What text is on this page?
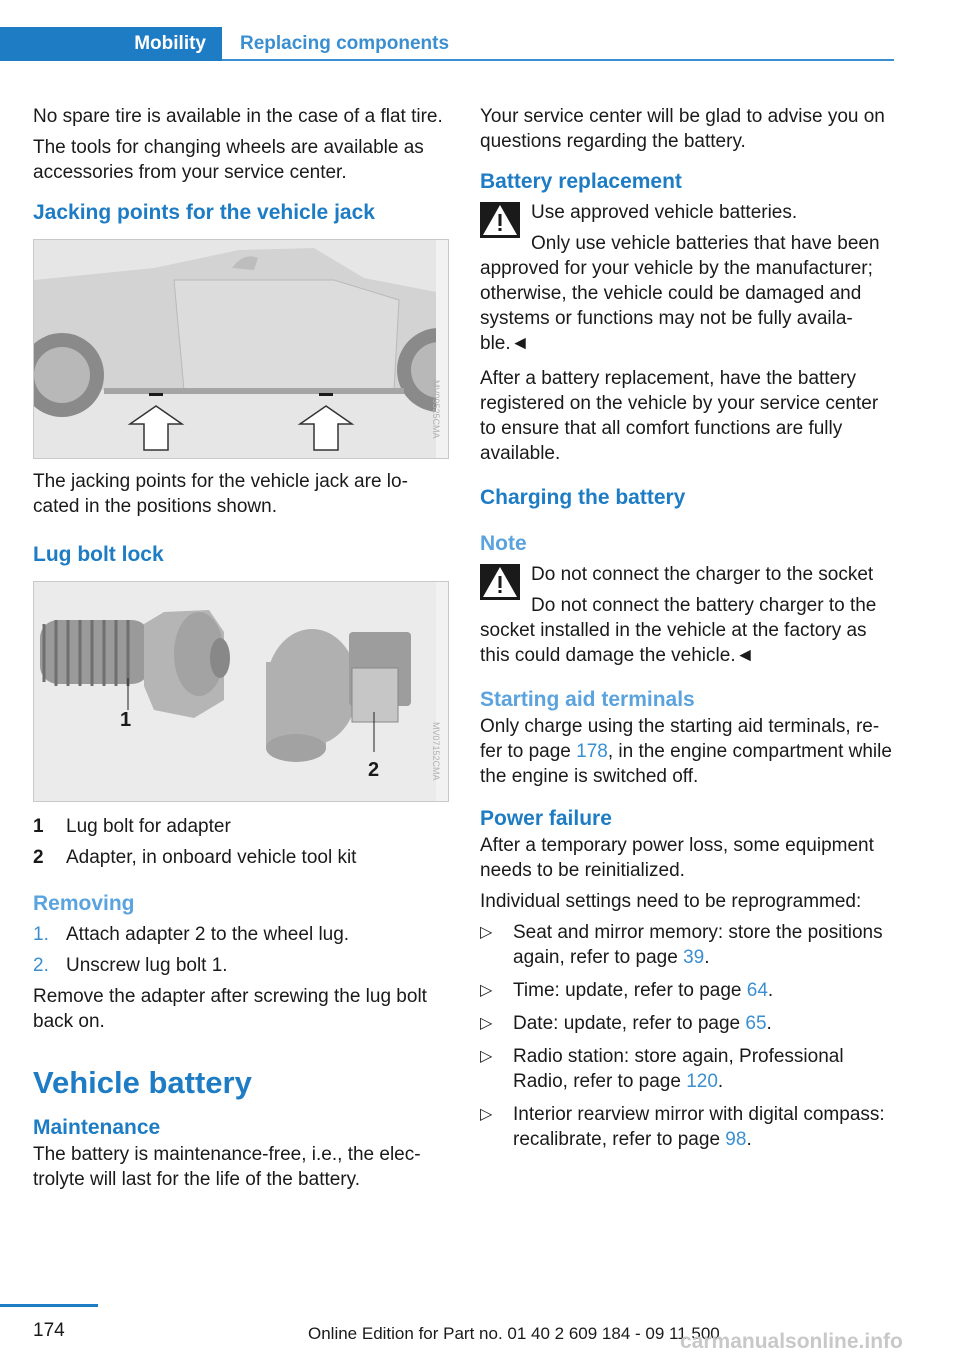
Mobility	Replacing components
No spare tire is available in the case of a flat tire.
The tools for changing wheels are available as accessories from your service center.
Jacking points for the vehicle jack
MV09525CMA
The jacking points for the vehicle jack are lo-cated in the positions shown.
Lug bolt lock
1
2	MV07152CMA
1 Lug bolt for adapter
2 Adapter, in onboard vehicle tool kit
Removing
1. Attach adapter 2 to the wheel lug.
2. Unscrew lug bolt 1.
Remove the adapter after screwing the lug bolt back on.
Vehicle battery
Maintenance
The battery is maintenance-free, i.e., the elec-trolyte will last for the life of the battery.
Your service center will be glad to advise you on questions regarding the battery.
Battery replacement
Use approved vehicle batteries.
Only use vehicle batteries that have been approved for your vehicle by the manufacturer; otherwise, the vehicle could be damaged and systems or functions may not be fully availa-ble.◄
After a battery replacement, have the battery registered on the vehicle by your service center to ensure that all comfort functions are fully available.
Charging the battery
Note
Do not connect the charger to the socket
Do not connect the battery charger to the socket installed in the vehicle at the factory as this could damage the vehicle.◄
Starting aid terminals
Only charge using the starting aid terminals, re-fer to page 178, in the engine compartment while the engine is switched off.
Power failure
After a temporary power loss, some equipment needs to be reinitialized.
Individual settings need to be reprogrammed:
▷ Seat and mirror memory: store the positions again, refer to page 39.
▷ Time: update, refer to page 64.
▷ Date: update, refer to page 65.
▷ Radio station: store again, Professional Radio, refer to page 120.
▷ Interior rearview mirror with digital compass: recalibrate, refer to page 98.
174	Online Edition for Part no. 01 40 2 609 184 - 09 11 500
carmanualsonline.info
